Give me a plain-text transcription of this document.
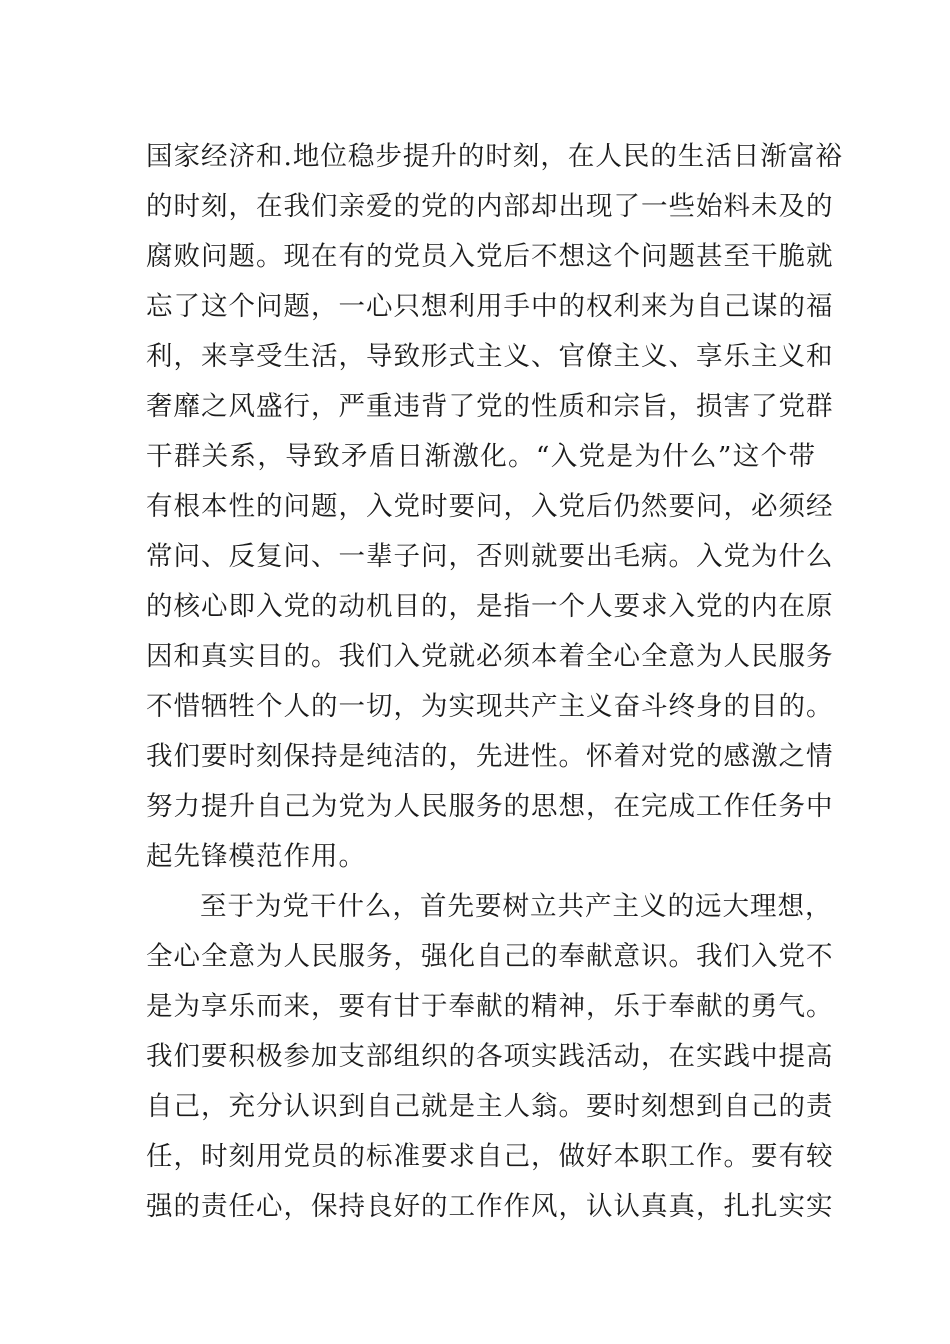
国家经济和.地位稳步提升的时刻，在人民的生活日渐富裕
的时刻，在我们亲爱的党的内部却出现了一些始料未及的
腐败问题。现在有的党员入党后不想这个问题甚至干脆就
忘了这个问题，一心只想利用手中的权利来为自己谋的福
利，来享受生活，导致形式主义、官僚主义、享乐主义和
奢靡之风盛行，严重违背了党的性质和宗旨，损害了党群
干群关系，导致矛盾日渐激化。“入党是为什么”这个带
有根本性的问题，入党时要问，入党后仍然要问，必须经
常问、反复问、一辈子问，否则就要出毛病。入党为什么
的核心即入党的动机目的，是指一个人要求入党的内在原
因和真实目的。我们入党就必须本着全心全意为人民服务
不惜牺牲个人的一切，为实现共产主义奋斗终身的目的。
我们要时刻保持是纯洁的，先进性。怀着对党的感激之情
努力提升自己为党为人民服务的思想，在完成工作任务中
起先锋模范作用。
至于为党干什么，首先要树立共产主义的远大理想，
全心全意为人民服务，强化自己的奉献意识。我们入党不
是为享乐而来，要有甘于奉献的精神，乐于奉献的勇气。
我们要积极参加支部组织的各项实践活动，在实践中提高
自己，充分认识到自己就是主人翁。要时刻想到自己的责
任，时刻用党员的标准要求自己，做好本职工作。要有较
强的责任心，保持良好的工作作风，认认真真，扎扎实实
